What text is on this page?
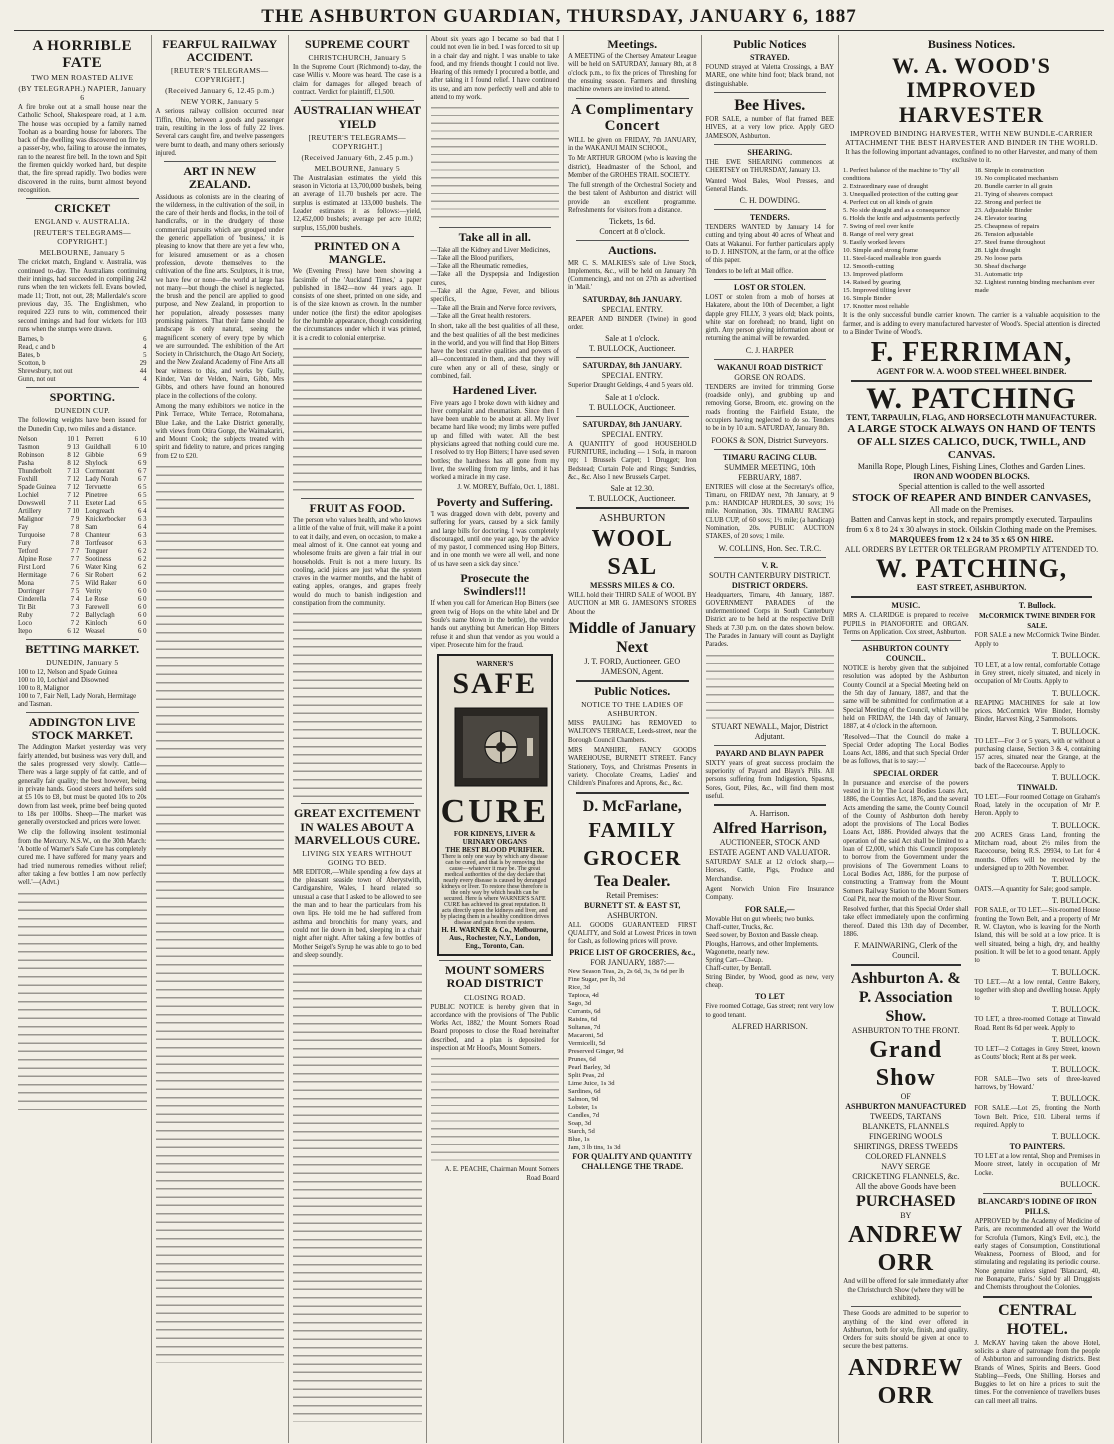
THE ASHBURTON GUARDIAN, THURSDAY, JANUARY 6, 1887
A HORRIBLE FATE
TWO MEN ROASTED ALIVE
(BY TELEGRAPH.) NAPIER, January 6
A fire broke out at a small house near the Catholic School, Shakespeare road, at 1 a.m. The house was occupied by a family named Toohan as a boarding house for laborers. The back of the dwelling was discovered on fire by a passer-by, who, failing to arouse the inmates, ran to the nearest fire bell. In the town and Spit the firemen quickly worked hard, but despite that, the fire spread rapidly. Two bodies were discovered in the ruins, burnt almost beyond recognition.
CRICKET
ENGLAND v. AUSTRALIA.
[REUTER'S TELEGRAMS—COPYRIGHT.]
MELBOURNE, January 5
The cricket match, England v. Australia, was continued to-day. The Australians continuing their innings, had succeeded in compiling 242 runs when the ten wickets fell. Evans bowled, made 11; Trott, not out, 28; Mallerdale's score previous day, 35. The Englishmen, who required 223 runs to win, commenced their second innings and had four wickets for 103 runs when the stumps were drawn.
Barnes, b	6
Read, c and b	4
Bates, b	5
Scotton, b	29
Shrewsbury, not out	44
Gunn, not out	4
SPORTING.
DUNEDIN CUP.
The following weights have been issued for the Dunedin Cup, two miles and a distance.
Nelson	10 1
Tasmon	9 13
Robinson	8 12
Pasha	8 12
Thunderbolt 7 13
Foxhill	7 12
Spade Guinea 7 12
Lochiel	7 12
Dowswell	7 11
Artillery	7 10
Malignor	7 9
Fay	7 8
Turquoise	7 8
Fury	7 8
Tetford	7 7
Alpine Rose	7 7
First Lord	7 6
Hermitage	7 6
Mona	7 5
Dorringer	7 5
Cinderella	7 4
Tit Bit	7 3
Ruby	7 2
Loco	7 2
Itepo	6 12
Perrett	6 10
Guildhall	6 10
Gibbie	6 9
Shylock	6 9
Cormorant	6 7
Lady Norah	6 7
Tervuette	6 5
Pinetree	6 5
Exeter Lad	6 5
Longreach	6 4
Knickerbocker 6 3
Sam	6 4
Chanteur	6 3
Tortfeasor	6 3
Tonguer	6 2
Sootiness	6 2
Water King	6 2
Sir Robert	6 2
Wild Raker	6 0
Verity	6 0
Le Rose	6 0
Farewell	6 0
Ballyclagh	6 0
Kinloch	6 0
Weasel	6 0
BETTING MARKET.
DUNEDIN, January 5
100 to 12, Nelson and Spade Guinea
100 to 10, Lochiel and Disowned
100 to 8, Malignor
100 to 7, Fair Nell, Lady Norah, Hermitage and Tasman.
ADDINGTON LIVE STOCK MARKET.
The Addington Market yesterday was very fairly attended, but business was very dull, and the sales progressed very slowly. Cattle—There was a large supply of fat cattle, and of generally fair quality; the best however, being in private hands. Good steers and heifers sold at £5 10s to £8, but must be quoted 10s to 20s down from last week, prime beef being quoted to 18s per 100lbs. Sheep—The market was generally overstocked and prices were lower.
We clip the following insolent testimonial from the Mercury. N.S.W., on the 30th March: 'A bottle of Warner's Safe Cure has completely cured me. I have suffered for many years and had tried numerous remedies without relief; after taking a few bottles I am now perfectly well.'—(Advt.)
FEARFUL RAILWAY ACCIDENT.
[REUTER'S TELEGRAMS—COPYRIGHT.]
(Received January 6, 12.45 p.m.)
NEW YORK, January 5
A serious railway collision occurred near Tiffin, Ohio, between a goods and passenger train, resulting in the loss of fully 22 lives. Several cars caught fire, and twelve passengers were burnt to death, and many others seriously injured.
ART IN NEW ZEALAND.
Assiduous as colonists are in the clearing of the wilderness, in the cultivation of the soil, in the care of their herds and flocks, in the toil of handicrafts, or in the drudgery of those commercial pursuits which are grouped under the generic appellation of 'business,' it is pleasing to know that there are yet a few who, for leisured amusement or as a chosen profession, devote themselves to the cultivation of the fine arts. Sculptors, it is true, we have few or none—the world at large has not many—but though the chisel is neglected, the brush and the pencil are applied to good purpose, and New Zealand, in proportion to her population, already possesses many promising painters. That their fame should be landscape is only natural, seeing the magnificent scenery of every type by which we are surrounded. The exhibition of the Art Society in Christchurch, the Otago Art Society, and the New Zealand Academy of Fine Arts all bear witness to this, and works by Gully, Kinder, Van der Velden, Nairn, Gibb, Mrs Gibbs, and others have found an honoured place in the collections of the colony.
Among the many exhibitors we notice in the Pink Terrace, White Terrace, Rotomahana, Blue Lake, and the Lake District generally, with views from Otira Gorge, the Waimakariri, and Mount Cook; the subjects treated with spirit and fidelity to nature, and prices ranging from £2 to £20.
SUPREME COURT
CHRISTCHURCH, January 5
In the Supreme Court (Richmond) to-day, the case Willis v. Moore was heard. The case is a claim for damages for alleged breach of contract. Verdict for plaintiff, £1,500.
AUSTRALIAN WHEAT YIELD
[REUTER'S TELEGRAMS—COPYRIGHT.]
(Received January 6th, 2.45 p.m.)
MELBOURNE, January 5
The Australasian estimates the yield this season in Victoria at 13,700,000 bushels, being an average of 11.70 bushels per acre. The surplus is estimated at 133,000 bushels. The Leader estimates it as follows:—yield, 12,452,000 bushels; average per acre 10.02; surplus, 155,000 bushels.
PRINTED ON A MANGLE.
We (Evening Press) have been showing a facsimile of the 'Auckland Times,' a paper published in 1842—now 44 years ago. It consists of one sheet, printed on one side, and is of the size known as crown. In the number under notice (the first) the editor apologises for the humble appearance, though considering the circumstances under which it was printed, it is a credit to colonial enterprise.
FRUIT AS FOOD.
The person who values health, and who knows a little of the value of fruit, will make it a point to eat it daily, and even, on occasion, to make a meal almost of it. One cannot eat young and wholesome fruits are given a fair trial in our households. Fruit is not a mere luxury. Its cooling, acid juices are just what the system craves in the warmer months, and the habit of eating apples, oranges, and grapes freely would do much to banish indigestion and constipation from the community.
GREAT EXCITEMENT IN WALES ABOUT A MARVELLOUS CURE.
LIVING SIX YEARS WITHOUT GOING TO BED.
MR EDITOR,—While spending a few days at the pleasant seaside town of Aberystwith, Cardiganshire, Wales, I heard related so unusual a case that I asked to be allowed to see the man and to hear the particulars from his own lips. He told me he had suffered from asthma and bronchitis for many years, and could not lie down in bed, sleeping in a chair night after night. After taking a few bottles of Mother Seigel's Syrup he was able to go to bed and sleep soundly.
About six years ago I became so bad that I could not even lie in bed. I was forced to sit up in a chair day and night. I was unable to take food, and my friends thought I could not live. Hearing of this remedy I procured a bottle, and after taking it I found relief. I have continued its use, and am now perfectly well and able to attend to my work.
Take all in all.
—Take all the Kidney and Liver Medicines,
—Take all the Blood purifiers,
—Take all the Rheumatic remedies,
—Take all the Dyspepsia and Indigestion cures,
—Take all the Ague, Fever, and bilious specifics,
—Take all the Brain and Nerve force revivers,
—Take all the Great health restorers.
In short, take all the best qualities of all these, and the best qualities of all the best medicines in the world, and you will find that Hop Bitters have the best curative qualities and powers of all—concentrated in them, and that they will cure when any or all of these, singly or combined, fail.
Hardened Liver.
Five years ago I broke down with kidney and liver complaint and rheumatism. Since then I have been unable to be about at all. My liver became hard like wood; my limbs were puffed up and filled with water. All the best physicians agreed that nothing could cure me. I resolved to try Hop Bitters; I have used seven bottles; the hardness has all gone from my liver, the swelling from my limbs, and it has worked a miracle in my case.
J. W. MOREY, Buffalo, Oct. 1, 1881.
Poverty and Suffering.
'I was dragged down with debt, poverty and suffering for years, caused by a sick family and large bills for doctoring. I was completely discouraged, until one year ago, by the advice of my pastor, I commenced using Hop Bitters, and in one month we were all well, and none of us have seen a sick day since.'
Prosecute the Swindlers!!!
If when you call for American Hop Bitters (see green twig of Hops on the white label and Dr Soule's name blown in the bottle), the vendor hands out anything but American Hop Bitters refuse it and shun that vendor as you would a viper. Prosecute him for the fraud.
WARNER'S
SAFE
CURE
FOR KIDNEYS, LIVER & URINARY ORGANS
THE BEST BLOOD PURIFIER.
There is only one way by which any disease can be cured, and that is by removing the cause—whatever it may be. The great medical authorities of the day declare that nearly every disease is caused by deranged kidneys or liver. To restore these therefore is the only way by which health can be secured. Here is where WARNER'S SAFE CURE has achieved its great reputation. It acts directly upon the kidneys and liver, and by placing them in a healthy condition drives disease and pain from the system.
H. H. WARNER & Co., Melbourne, Aus., Rochester, N.Y., London, Eng., Toronto, Can.
MOUNT SOMERS ROAD DISTRICT
CLOSING ROAD.
PUBLIC NOTICE is hereby given that in accordance with the provisions of 'The Public Works Act, 1882,' the Mount Somers Road Board proposes to close the Road hereinafter described, and a plan is deposited for inspection at Mr Hood's, Mount Somers.
A. E. PEACHE, Chairman Mount Somers Road Board
Meetings.
A MEETING of the Chertsey Amateur League will be held on SATURDAY, January 8th, at 8 o'clock p.m., to fix the prices of Threshing for the ensuing season. Farmers and threshing machine owners are invited to attend.
A Complimentary Concert
WILL be given on FRIDAY, 7th JANUARY, in the WAKANUI MAIN SCHOOL,
To Mr ARTHUR GROOM (who is leaving the district), Headmaster of the School, and Member of the GROHES TRAIL SOCIETY.
The full strength of the Orchestral Society and the best talent of Ashburton and district will provide an excellent programme. Refreshments for visitors from a distance.
Tickets, 1s 6d.
Concert at 8 o'clock.
Auctions.
MR C. S. MALKIES's sale of Live Stock, Implements, &c., will be held on January 7th (Commencing), and not on 27th as advertised in 'Mail.'
SATURDAY, 8th JANUARY.
SPECIAL ENTRY.
REAPER AND BINDER (Twine) in good order.
Sale at 1 o'clock.
T. BULLOCK, Auctioneer.
SATURDAY, 8th JANUARY.
SPECIAL ENTRY.
Superior Draught Geldings, 4 and 5 years old.
Sale at 1 o'clock.
T. BULLOCK, Auctioneer.
SATURDAY, 8th JANUARY.
SPECIAL ENTRY.
A QUANTITY of good HOUSEHOLD FURNITURE, including — 1 Sofa, in maroon rep; 1 Brussels Carpet; 1 Drugget; Iron Bedstead; Curtain Pole and Rings; Sundries, &c., &c. Also 1 new Brussels Carpet.
Sale at 12.30.
T. BULLOCK, Auctioneer.
ASHBURTON
WOOL SAL
MESSRS MILES & CO.
WILL hold their THIRD SALE of WOOL BY AUCTION at MR G. JAMESON'S STORES About the
Middle of January Next
J. T. FORD, Auctioneer. GEO JAMESON, Agent.
Public Notices.
NOTICE TO THE LADIES OF ASHBURTON.
MISS PAULING has REMOVED to WALTON'S TERRACE, Leeds-street, near the Borough Council Chambers.
MRS MANHIRE, FANCY GOODS WAREHOUSE, BURNETT STREET. Fancy Stationery, Toys, and Christmas Presents in variety. Chocolate Creams, Ladies' and Children's Pinafores and Aprons, &c., &c.
D. McFarlane,
FAMILY GROCER
Tea Dealer.
Retail Premises:
BURNETT ST. & EAST ST,
ASHBURTON.
ALL GOODS GUARANTEED FIRST QUALITY, and Sold at Lowest Prices in town for Cash, as following prices will prove.
PRICE LIST OF GROCERIES, &c.,
FOR JANUARY, 1887:—
New Season Teas, 2s, 2s 6d, 3s, 3s 6d per lb
Fine Sugar, per lb, 3d
Rice, 3d
Tapioca, 4d
Sago, 3d
Currants, 6d
Raisins, 6d
Sultanas, 7d
Macaroni, 5d
Vermicelli, 5d
Preserved Ginger, 9d
Prunes, 6d
Pearl Barley, 3d
Split Peas, 2d
Lime Juice, 1s 3d
Sardines, 6d
Salmon, 9d
Lobster, 1s
Candles, 7d
Soap, 3d
Starch, 5d
Blue, 1s
Jam, 3 lb tins, 1s 3d
FOR QUALITY AND QUANTITY CHALLENGE THE TRADE.
Public Notices
STRAYED.
FOUND strayed at Valetta Crossings, a BAY MARE, one white hind foot; black brand, not distinguishable.
Bee Hives.
FOR SALE, a number of flat framed BEE HIVES, at a very low price. Apply GEO JAMESON, Ashburton.
SHEARING.
THE EWE SHEARING commences at CHERTSEY on THURSDAY, January 13.
Wanted Wool Bales, Wool Presses, and General Hands.
C. H. DOWDING.
TENDERS.
TENDERS WANTED by January 14 for cutting and tying about 40 acres of Wheat and Oats at Wakanui. For further particulars apply to D. J. HINSTON, at the farm, or at the office of this paper.
Tenders to be left at Mail office.
LOST OR STOLEN.
LOST or stolen from a mob of horses at Hakatere, about the 10th of December, a light dapple grey FILLY, 3 years old; black points, white star on forehead; no brand, light on girth. Any person giving information about or returning the animal will be rewarded.
C. J. HARPER
WAKANUI ROAD DISTRICT
GORSE ON ROADS.
TENDERS are invited for trimming Gorse (roadside only), and grubbing up and removing Gorse, Broom, etc. growing on the roads fronting the Fairfield Estate, the occupiers having neglected to do so. Tenders to be in by 10 a.m. SATURDAY, January 8th.
FOOKS & SON, District Surveyors.
TIMARU RACING CLUB.
SUMMER MEETING, 10th FEBRUARY, 1887.
ENTRIES will close at the Secretary's office, Timaru, on FRIDAY next, 7th January, at 9 p.m.: HANDICAP HURDLES, 30 sovs; 1½ mile. Nomination, 30s. TIMARU RACING CLUB CUP, of 60 sovs; 1½ mile; (a handicap) Nomination, 20s. PUBLIC AUCTION STAKES, of 20 sovs; 1 mile.
W. COLLINS, Hon. Sec. T.R.C.
V. R.
SOUTH CANTERBURY DISTRICT.
DISTRICT ORDERS.
Headquarters, Timaru, 4th January, 1887. GOVERNMENT PARADES of the undermentioned Corps in South Canterbury District are to be held at the respective Drill Sheds at 7.30 p.m. on the dates shown below. The Parades in January will count as Daylight Parades.
STUART NEWALL, Major, District Adjutant.
PAYARD AND BLAYN PAPER
SIXTY years of great success proclaim the superiority of Payard and Blayn's Pills. All persons suffering from Indigestion, Spasms, Sores, Gout, Piles, &c., will find them most useful.
A. Harrison.
Alfred Harrison,
AUCTIONEER, STOCK AND ESTATE AGENT AND VALUATOR.
SATURDAY SALE at 12 o'clock sharp,— Horses, Cattle, Pigs, Produce and Merchandise.
Agent Norwich Union Fire Insurance Company.
FOR SALE,—
Movable Hut on gut wheels; two bunks.
Chaff-cutter, Trucks, &c.
Seed sower, by Boxton and Bassle cheap.
Ploughs, Harrows, and other Implements.
Wagonette, nearly new.
Spring Cart—Cheap.
Chaff-cutter, by Bentall.
String Binder, by Wood, good as new, very cheap.
TO LET
Five roomed Cottage, Gas street; rent very low to good tenant.
ALFRED HARRISON.
Business Notices.
W. A. WOOD'S IMPROVED HARVESTER
IMPROVED BINDING HARVESTER, WITH NEW BUNDLE-CARRIER ATTACHMENT THE BEST HARVESTER AND BINDER IN THE WORLD.
It has the following important advantages, confined to no other Harvester, and many of them exclusive to it.
1. Perfect balance of the machine to 'Try' all conditions
2. Extraordinary ease of draught
3. Unequalled protection of the cutting gear
4. Perfect cut on all kinds of grain
5. No side draught and as a consequence
6. Holds the knife and adjustments perfectly
7. Swing of reel over knife
8. Range of reel very great
9. Easily worked levers
10. Simple and strong frame
11. Steel-faced malleable iron guards
12. Smooth-cutting
13. Improved platform
14. Raised by gearing
15. Improved tilting lever
16. Simple Binder
17. Knotter most reliable
18. Simple in construction
19. No complicated mechanism
20. Bundle carrier in all grain
21. Tying of sheaves compact
22. Strong and perfect tie
23. Adjustable Binder
24. Elevator tearing
25. Cheapness of repairs
26. Tension adjustable
27. Steel frame throughout
28. Light draught
29. No loose parts
30. Sheaf discharge
31. Automatic trip
32. Lightest running binding mechanism ever made
It is the only successful bundle carrier known. The carrier is a valuable acquisition to the farmer, and is adding to every manufactured harvester of Wood's. Special attention is directed to a Binder Twine of Wood's.
F. FERRIMAN,
AGENT FOR W. A. WOOD STEEL WHEEL BINDER.
W. PATCHING
TENT, TARPAULIN, FLAG, AND HORSECLOTH MANUFACTURER.
A LARGE STOCK ALWAYS ON HAND OF TENTS OF ALL SIZES CALICO, DUCK, TWILL, AND CANVAS.
Manilla Rope, Plough Lines, Fishing Lines, Clothes and Garden Lines.
IRON AND WOODEN BLOCKS.
Special attention is called to the well assorted
STOCK OF REAPER AND BINDER CANVASES,
All made on the Premises.
Batten and Canvas kept in stock, and repairs promptly executed. Tarpaulins from 6 x 8 to 24 x 30 always in stock. Oilskin Clothing made on the Premises.
MARQUEES from 12 x 24 to 35 x 65 ON HIRE.
ALL ORDERS BY LETTER OR TELEGRAM PROMPTLY ATTENDED TO.
W. PATCHING,
EAST STREET, ASHBURTON.
MUSIC.
MRS A. CLARIDGE is prepared to receive PUPILS in PIANOFORTE and ORGAN. Terms on Application. Cox street, Ashburton.
ASHBURTON COUNTY COUNCIL.
NOTICE is hereby given that the subjoined resolution was adopted by the Ashburton County Council at a Special Meeting held on the 5th day of January, 1887, and that the same will be submitted for confirmation at a Special Meeting of the Council, which will be held on FRIDAY, the 14th day of January, 1887, at 4 o'clock in the afternoon.
'Resolved—That the Council do make a Special Order adopting The Local Bodies Loans Act, 1886, and that such Special Order be as follows, that is to say:—'
SPECIAL ORDER
In pursuance and exercise of the powers vested in it by The Local Bodies Loans Act, 1886, the Counties Act, 1876, and the several Acts amending the same, the County Council of the County of Ashburton doth hereby adopt the provisions of The Local Bodies Loans Act, 1886. Provided always that the operation of the said Act shall be limited to a loan of £2,000, which this Council proposes to borrow from the Government under the provisions of The Government Loans to Local Bodies Act, 1886, for the purpose of constructing a Tramway from the Mount Somers Railway Station to the Mount Somers Coal Pit, near the mouth of the River Stour.
Resolved further, that this Special Order shall take effect immediately upon the confirming thereof. Dated this 13th day of December, 1886.
F. MAINWARING, Clerk of the Council.
Ashburton A. & P. Association Show.
ASHBURTON TO THE FRONT.
Grand Show
OF
ASHBURTON MANUFACTURED
TWEEDS, TARTANS
BLANKETS, FLANNELS
FINGERING WOOLS
SHIRTINGS, DRESS TWEEDS
COLORED FLANNELS
NAVY SERGE
CRICKETING FLANNELS, &c.
All the above Goods have been
PURCHASED
BY
ANDREW ORR
And will be offered for sale immediately after the Christchurch Show (where they will be exhibited).
These Goods are admitted to be superior to anything of the kind ever offered in Ashburton, both for style, finish, and quality. Orders for suits should be given at once to secure the best patterns.
ANDREW ORR
T. Bullock.
McCORMICK TWINE BINDER FOR SALE.
FOR SALE a new McCormick Twine Binder. Apply to
T. BULLOCK.
TO LET, at a low rental, comfortable Cottage in Grey street, nicely situated, and nicely in occupation of Mr Coutts. Apply to
T. BULLOCK.
REAPING MACHINES for sale at low prices. McCormick Wire Binder, Hornsby Binder, Harvest King, 2 Sammolsons.
T. BULLOCK.
TO LET—For 3 or 5 years, with or without a purchasing clause, Section 3 & 4, containing 157 acres, situated near the Grange, at the back of the Racecourse. Apply to
T. BULLOCK.
TINWALD.
TO LET.—Four roomed Cottage on Graham's Road, lately in the occupation of Mr P. Heron. Apply to
T. BULLOCK.
200 ACRES Grass Land, fronting the Mitcham road, about 2½ miles from the Racecourse, being R.S. 29934, to Let for 4 months. Offers will be received by the undersigned up to 20th November.
T. BULLOCK.
OATS.—A quantity for Sale; good sample.
T. BULLOCK.
FOR SALE, or TO LET.—Six-roomed House fronting the Town Belt, and a property of Mr R. W. Clayton, who is leaving for the North Island, this will be sold at a low price. It is well situated, being a high, dry, and healthy position. It will be let to a good tenant. Apply to
T. BULLOCK.
TO LET.—At a low rental, Centre Bakery, together with shop and dwelling house. Apply to
T. BULLOCK.
TO LET, a three-roomed Cottage at Tinwald Road. Rent 8s 6d per week. Apply to
T. BULLOCK.
TO LET—2 Cottages in Grey Street, known as Coutts' block; Rent at 8s per week.
T. BULLOCK.
FOR SALE—Two sets of three-leaved harrows, by 'Howard.'
T. BULLOCK.
FOR SALE.—Lot 25, fronting the North Town Belt. Price, £10. Liberal terms if required. Apply to
T. BULLOCK.
TO PAINTERS.
TO LET at a low rental, Shop and Premises in Moore street, lately in occupation of Mr Locke.
BULLOCK.
BLANCARD'S IODINE OF IRON PILLS.
APPROVED by the Academy of Medicine of Paris, are recommended all over the World for Scrofula (Tumors, King's Evil, etc.), the early stages of Consumption, Constitutional Weakness, Poorness of Blood, and for stimulating and regulating its periodic course. None genuine unless signed 'Blancard, 40, rue Bonaparte, Paris.' Sold by all Druggists and Chemists throughout the Colonies.
CENTRAL HOTEL.
J. McKAY having taken the above Hotel, solicits a share of patronage from the people of Ashburton and surrounding districts. Best Brands of Wines, Spirits and Beers. Good Stabling—Feeds, One Shilling. Horses and Buggies to let on hire a prices to suit the times. For the convenience of travellers buses can call meet all trains.
